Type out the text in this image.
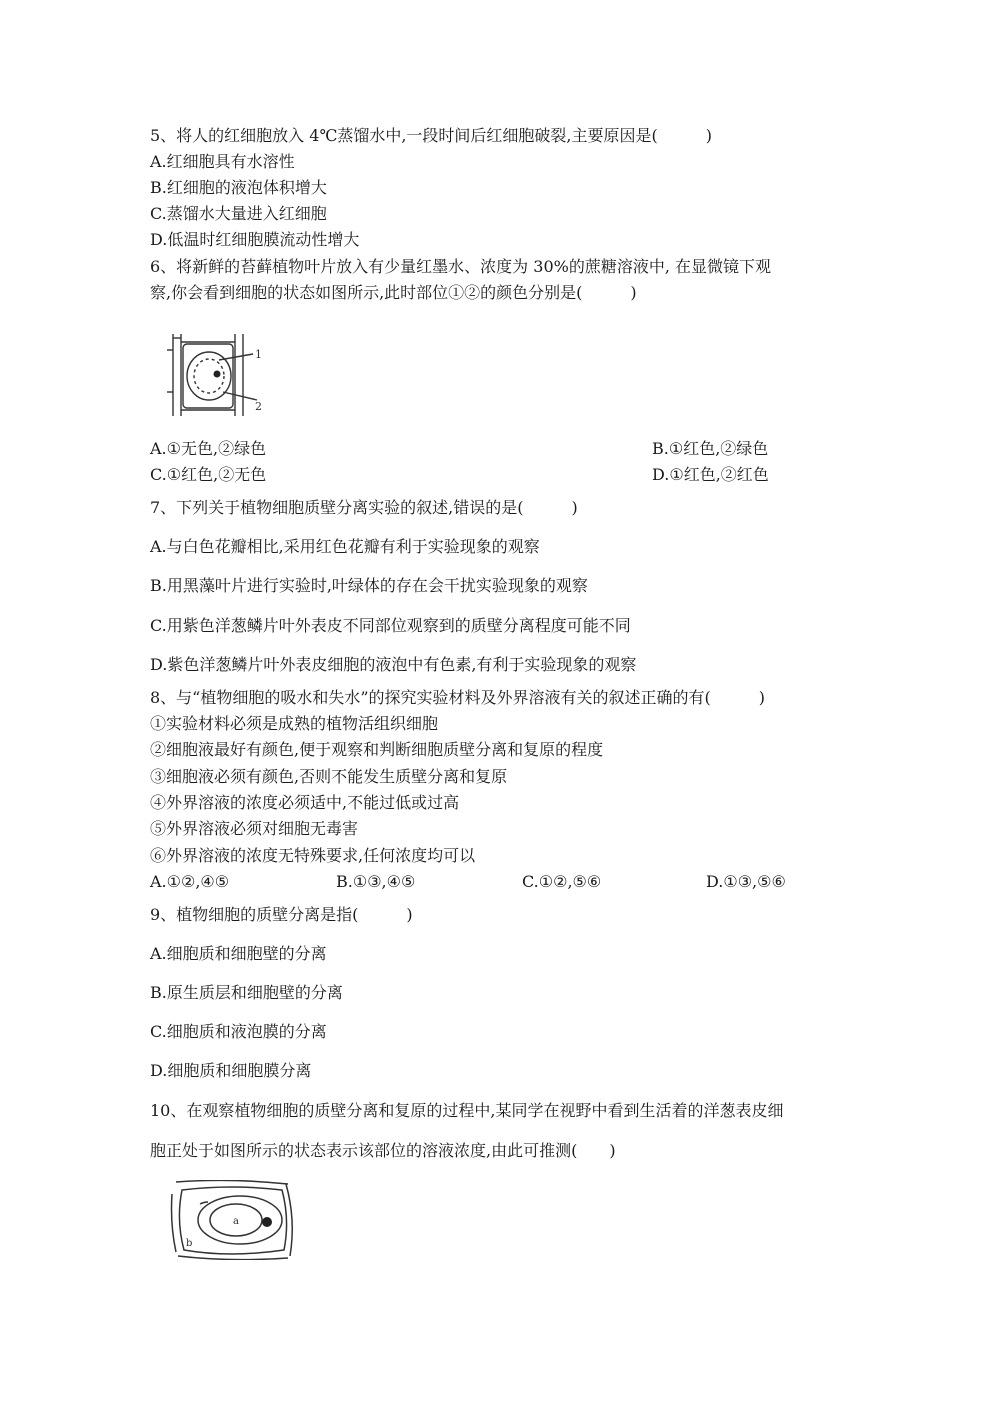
5、将人的红细胞放入 4℃蒸馏水中,一段时间后红细胞破裂,主要原因是(　　　)
A.红细胞具有水溶性
B.红细胞的液泡体积增大
C.蒸馏水大量进入红细胞
D.低温时红细胞膜流动性增大
6、将新鲜的苔藓植物叶片放入有少量红墨水、浓度为 30%的蔗糖溶液中, 在显微镜下观
察,你会看到细胞的状态如图所示,此时部位①②的颜色分别是(　　　)
1
2
A.①无色,②绿色	B.①红色,②绿色
C.①红色,②无色	D.①红色,②红色
7、下列关于植物细胞质壁分离实验的叙述,错误的是(　　　)
A.与白色花瓣相比,采用红色花瓣有利于实验现象的观察
B.用黑藻叶片进行实验时,叶绿体的存在会干扰实验现象的观察
C.用紫色洋葱鳞片叶外表皮不同部位观察到的质壁分离程度可能不同
D.紫色洋葱鳞片叶外表皮细胞的液泡中有色素,有利于实验现象的观察
8、与“植物细胞的吸水和失水”的探究实验材料及外界溶液有关的叙述正确的有(　　　)
①实验材料必须是成熟的植物活组织细胞
②细胞液最好有颜色,便于观察和判断细胞质壁分离和复原的程度
③细胞液必须有颜色,否则不能发生质壁分离和复原
④外界溶液的浓度必须适中,不能过低或过高
⑤外界溶液必须对细胞无毒害
⑥外界溶液的浓度无特殊要求,任何浓度均可以
A.①②,④⑤	B.①③,④⑤	C.①②,⑤⑥	D.①③,⑤⑥
9、植物细胞的质壁分离是指(　　　)
A.细胞质和细胞壁的分离
B.原生质层和细胞壁的分离
C.细胞质和液泡膜的分离
D.细胞质和细胞膜分离
10、在观察植物细胞的质壁分离和复原的过程中,某同学在视野中看到生活着的洋葱表皮细
胞正处于如图所示的状态表示该部位的溶液浓度,由此可推测(　　)
a
b
